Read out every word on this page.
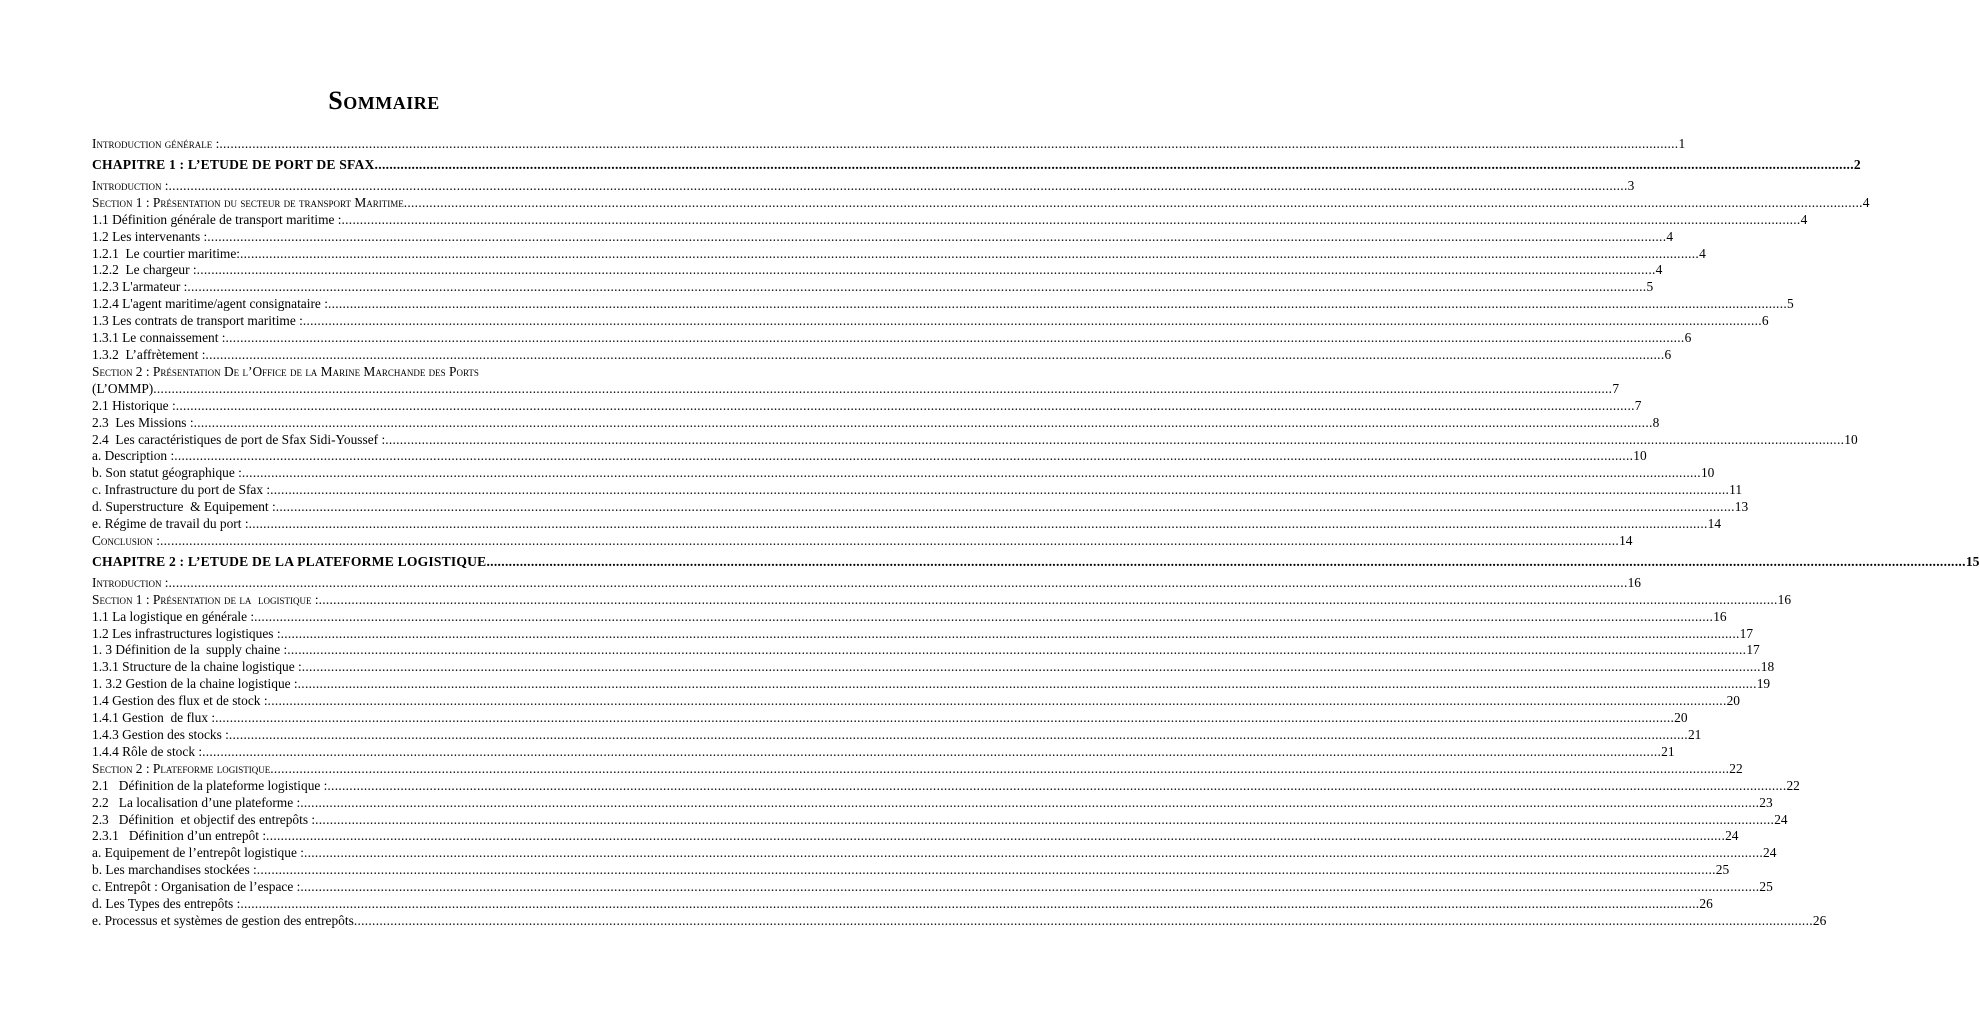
Sommaire
Introduction générale : ................................................................................................................................................................................................................................................................................................................................................................................................................ 1
CHAPITRE 1 : L’ETUDE DE PORT DE SFAX ................................................................................................................................................................................................................................................................................................................................................................................................................ 2
Introduction : ................................................................................................................................................................................................................................................................................................................................................................................................................ 3
Section 1 : Présentation du secteur de transport Maritime ................................................................................................................................................................................................................................................................................................................................................................................................................ 4
1.1 Définition générale de transport maritime : ................................................................................................................................................................................................................................................................................................................................................................................................................ 4
1.2 Les intervenants : ................................................................................................................................................................................................................................................................................................................................................................................................................ 4
1.2.1  Le courtier maritime: ................................................................................................................................................................................................................................................................................................................................................................................................................ 4
1.2.2  Le chargeur : ................................................................................................................................................................................................................................................................................................................................................................................................................ 4
1.2.3 L'armateur : ................................................................................................................................................................................................................................................................................................................................................................................................................ 5
1.2.4 L'agent maritime/agent consignataire : ................................................................................................................................................................................................................................................................................................................................................................................................................ 5
1.3 Les contrats de transport maritime : ................................................................................................................................................................................................................................................................................................................................................................................................................ 6
1.3.1 Le connaissement : ................................................................................................................................................................................................................................................................................................................................................................................................................ 6
1.3.2  L’affrètement : ................................................................................................................................................................................................................................................................................................................................................................................................................ 6
Section 2 : Présentation De l’Office de la Marine Marchande des Ports
(L’OMMP) ................................................................................................................................................................................................................................................................................................................................................................................................................ 7
2.1 Historique : ................................................................................................................................................................................................................................................................................................................................................................................................................ 7
2.3  Les Missions : ................................................................................................................................................................................................................................................................................................................................................................................................................ 8
2.4  Les caractéristiques de port de Sfax Sidi-Youssef : ................................................................................................................................................................................................................................................................................................................................................................................................................ 10
a. Description : ................................................................................................................................................................................................................................................................................................................................................................................................................ 10
b. Son statut géographique : ................................................................................................................................................................................................................................................................................................................................................................................................................ 10
c. Infrastructure du port de Sfax : ................................................................................................................................................................................................................................................................................................................................................................................................................ 11
d. Superstructure  & Equipement : ................................................................................................................................................................................................................................................................................................................................................................................................................ 13
e. Régime de travail du port : ................................................................................................................................................................................................................................................................................................................................................................................................................ 14
Conclusion : ................................................................................................................................................................................................................................................................................................................................................................................................................ 14
CHAPITRE 2 : L’ETUDE DE LA PLATEFORME LOGISTIQUE ................................................................................................................................................................................................................................................................................................................................................................................................................ 15
Introduction : ................................................................................................................................................................................................................................................................................................................................................................................................................ 16
Section 1 : Présentation de la  logistique : ................................................................................................................................................................................................................................................................................................................................................................................................................ 16
1.1 La logistique en générale : ................................................................................................................................................................................................................................................................................................................................................................................................................ 16
1.2 Les infrastructures logistiques : ................................................................................................................................................................................................................................................................................................................................................................................................................ 17
1. 3 Définition de la  supply chaine : ................................................................................................................................................................................................................................................................................................................................................................................................................ 17
1.3.1 Structure de la chaine logistique : ................................................................................................................................................................................................................................................................................................................................................................................................................ 18
1. 3.2 Gestion de la chaine logistique : ................................................................................................................................................................................................................................................................................................................................................................................................................ 19
1.4 Gestion des flux et de stock : ................................................................................................................................................................................................................................................................................................................................................................................................................ 20
1.4.1 Gestion  de flux : ................................................................................................................................................................................................................................................................................................................................................................................................................ 20
1.4.3 Gestion des stocks : ................................................................................................................................................................................................................................................................................................................................................................................................................ 21
1.4.4 Rôle de stock : ................................................................................................................................................................................................................................................................................................................................................................................................................ 21
Section 2 : Plateforme logistique ................................................................................................................................................................................................................................................................................................................................................................................................................ 22
2.1   Définition de la plateforme logistique : ................................................................................................................................................................................................................................................................................................................................................................................................................ 22
2.2   La localisation d’une plateforme : ................................................................................................................................................................................................................................................................................................................................................................................................................ 23
2.3   Définition  et objectif des entrepôts : ................................................................................................................................................................................................................................................................................................................................................................................................................ 24
2.3.1   Définition d’un entrepôt : ................................................................................................................................................................................................................................................................................................................................................................................................................ 24
a. Equipement de l’entrepôt logistique : ................................................................................................................................................................................................................................................................................................................................................................................................................ 24
b. Les marchandises stockées : ................................................................................................................................................................................................................................................................................................................................................................................................................ 25
c. Entrepôt : Organisation de l’espace : ................................................................................................................................................................................................................................................................................................................................................................................................................ 25
d. Les Types des entrepôts : ................................................................................................................................................................................................................................................................................................................................................................................................................ 26
e. Processus et systèmes de gestion des entrepôts ................................................................................................................................................................................................................................................................................................................................................................................................................ 26
